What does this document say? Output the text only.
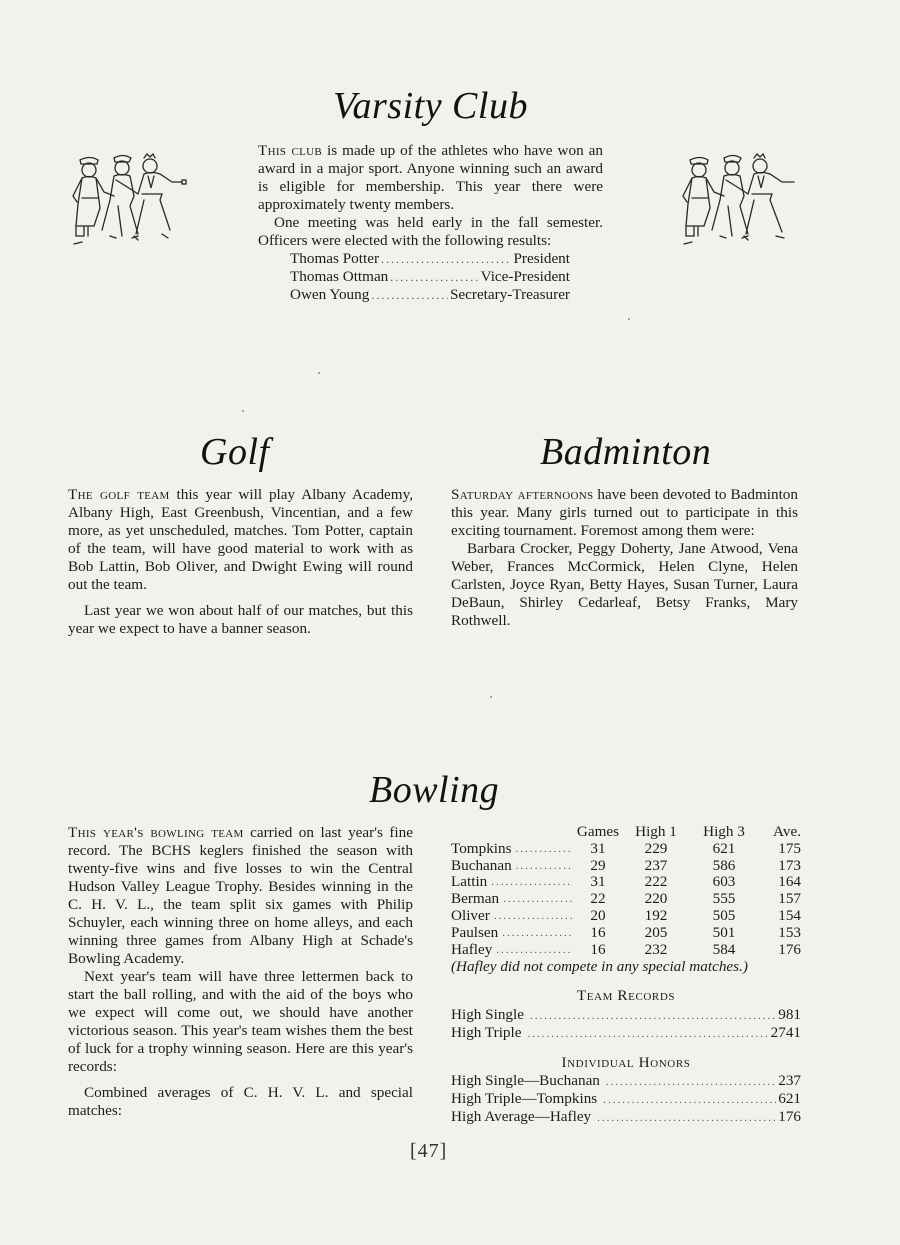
Varsity Club

This club is made up of the athletes who have won an award in a major sport. Anyone winning such an award is eligible for membership. This year there were approximately twenty members.

One meeting was held early in the fall semester. Officers were elected with the following results:

Thomas Potter .....	President
Thomas Ottman .....	Vice-President
Owen Young .....	Secretary-Treasurer
Golf

The golf team this year will play Albany Academy, Albany High, East Greenbush, Vincentian, and a few more, as yet unscheduled, matches. Tom Potter, captain of the team, will have good material to work with as Bob Lattin, Bob Oliver, and Dwight Ewing will round out the team.

Last year we won about half of our matches, but this year we expect to have a banner season.

Badminton

Saturday afternoons have been devoted to Badminton this year. Many girls turned out to participate in this exciting tournament. Foremost among them were:

Barbara Crocker, Peggy Doherty, Jane Atwood, Vena Weber, Frances McCormick, Helen Clyne, Helen Carlsten, Joyce Ryan, Betty Hayes, Susan Turner, Laura DeBaun, Shirley Cedarleaf, Betsy Franks, Mary Rothwell.

Bowling

This year's bowling team carried on last year's fine record. The BCHS keglers finished the season with twenty-five wins and five losses to win the Central Hudson Valley League Trophy. Besides winning in the C. H. V. L., the team split six games with Philip Schuyler, each winning three on home alleys, and each winning three games from Albany High at Schade's Bowling Academy.

Next year's team will have three lettermen back to start the ball rolling, and with the aid of the boys who we expect will come out, we should have another victorious season. This year's team wishes them the best of luck for a trophy winning season. Here are this year's records:

Combined averages of C. H. V. L. and special matches:

Games	High 1	High 3	Ave.
Tompkins .....	31	229	621	175
Buchanan .....	29	237	586	173
Lattin .....	31	222	603	164
Berman .....	22	220	555	157
Oliver .....	20	192	505	154
Paulsen .....	16	205	501	153
Hafley .....	16	232	584	176
(Hafley did not compete in any special matches.)
Team Records
High Single .....	981
High Triple .....	2741
Individual Honors
High Single—Buchanan .....	237
High Triple—Tompkins .....	621
High Average—Hafley .....	176
[47]
